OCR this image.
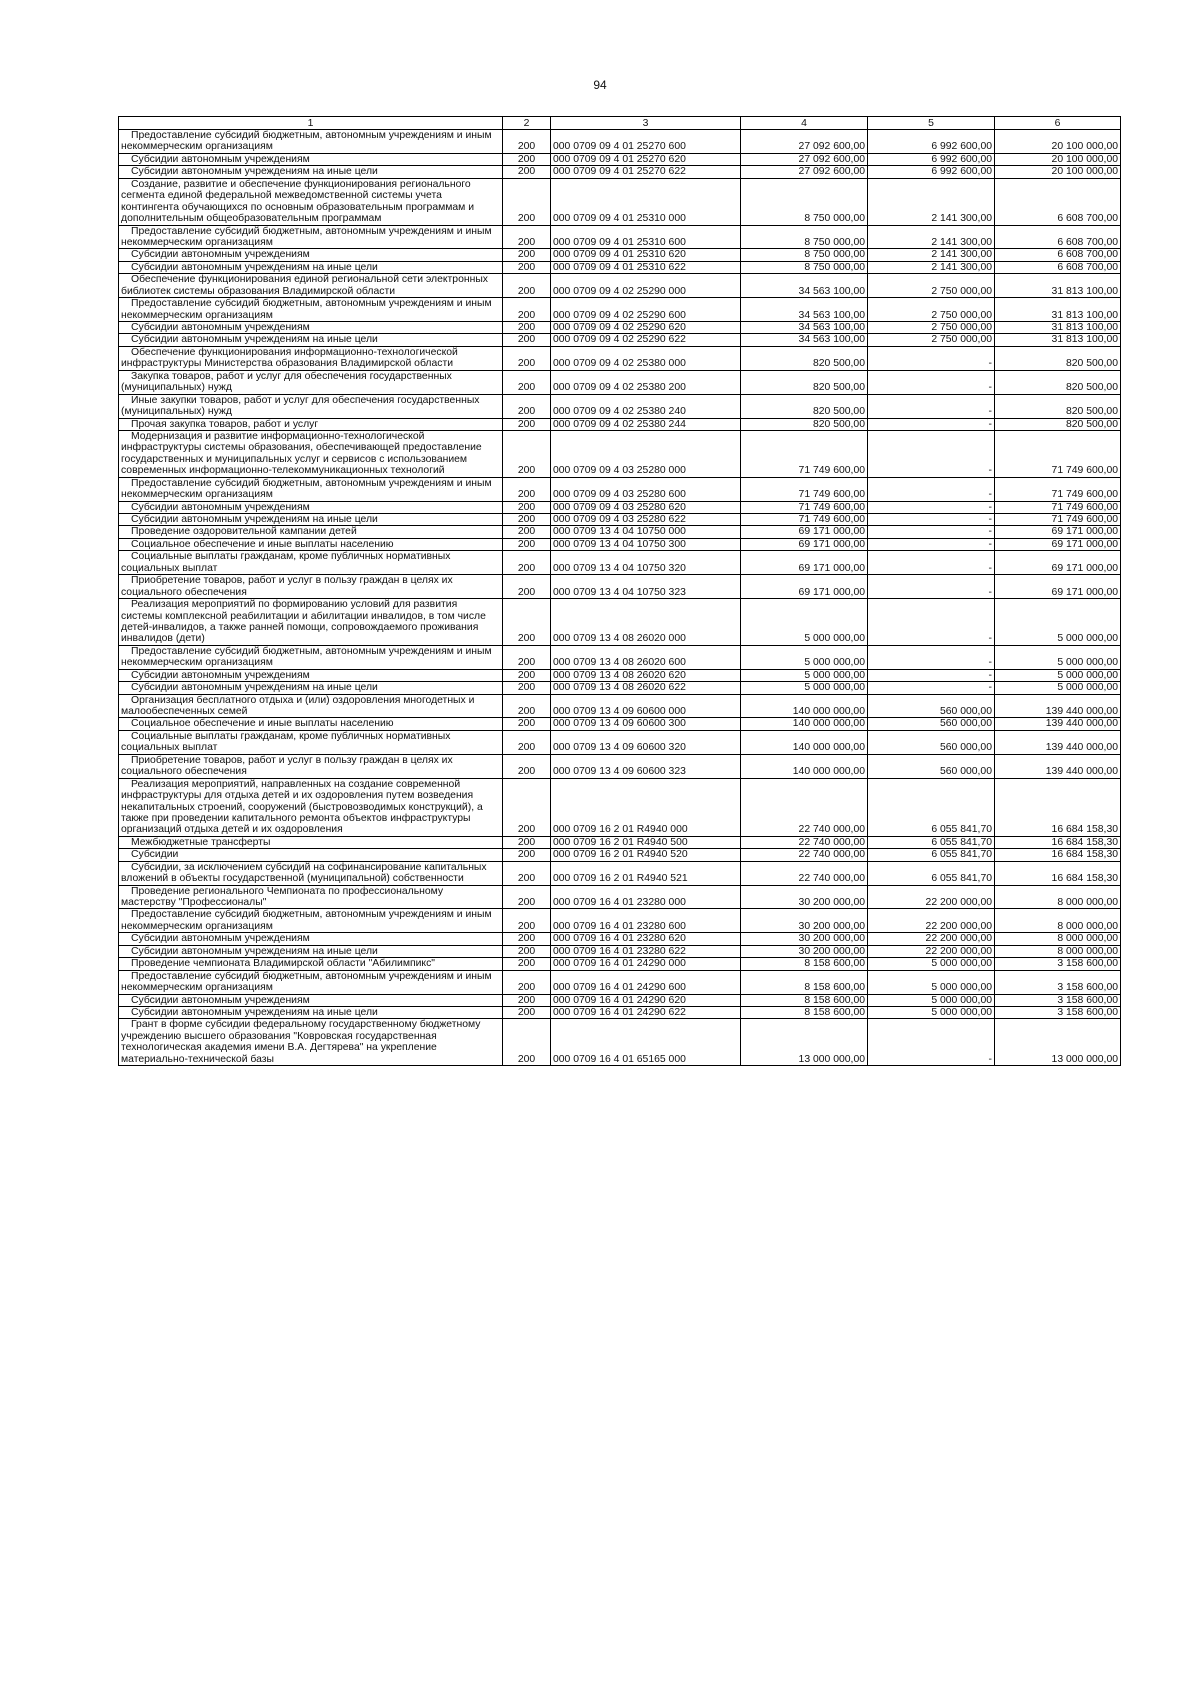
94
1	2	3	4	5	6
Предоставление субсидий бюджетным, автономным учреждениям и иным некоммерческим организациям	200	000 0709 09 4 01 25270 600	27 092 600,00	6 992 600,00	20 100 000,00
Субсидии автономным учреждениям	200	000 0709 09 4 01 25270 620	27 092 600,00	6 992 600,00	20 100 000,00
Субсидии автономным учреждениям на иные цели	200	000 0709 09 4 01 25270 622	27 092 600,00	6 992 600,00	20 100 000,00
Создание, развитие и обеспечение функционирования регионального сегмента единой федеральной межведомственной системы учета контингента обучающихся по основным образовательным программам и дополнительным общеобразовательным программам	200	000 0709 09 4 01 25310 000	8 750 000,00	2 141 300,00	6 608 700,00
Предоставление субсидий бюджетным, автономным учреждениям и иным некоммерческим организациям	200	000 0709 09 4 01 25310 600	8 750 000,00	2 141 300,00	6 608 700,00
Субсидии автономным учреждениям	200	000 0709 09 4 01 25310 620	8 750 000,00	2 141 300,00	6 608 700,00
Субсидии автономным учреждениям на иные цели	200	000 0709 09 4 01 25310 622	8 750 000,00	2 141 300,00	6 608 700,00
Обеспечение функционирования единой региональной сети электронных библиотек системы образования Владимирской области	200	000 0709 09 4 02 25290 000	34 563 100,00	2 750 000,00	31 813 100,00
Предоставление субсидий бюджетным, автономным учреждениям и иным некоммерческим организациям	200	000 0709 09 4 02 25290 600	34 563 100,00	2 750 000,00	31 813 100,00
Субсидии автономным учреждениям	200	000 0709 09 4 02 25290 620	34 563 100,00	2 750 000,00	31 813 100,00
Субсидии автономным учреждениям на иные цели	200	000 0709 09 4 02 25290 622	34 563 100,00	2 750 000,00	31 813 100,00
Обеспечение функционирования информационно-технологической инфраструктуры Министерства образования Владимирской области	200	000 0709 09 4 02 25380 000	820 500,00	-	820 500,00
Закупка товаров, работ и услуг для обеспечения государственных (муниципальных) нужд	200	000 0709 09 4 02 25380 200	820 500,00	-	820 500,00
Иные закупки товаров, работ и услуг для обеспечения государственных (муниципальных) нужд	200	000 0709 09 4 02 25380 240	820 500,00	-	820 500,00
Прочая закупка товаров, работ и услуг	200	000 0709 09 4 02 25380 244	820 500,00	-	820 500,00
Модернизация и развитие информационно-технологической инфраструктуры системы образования, обеспечивающей предоставление государственных и муниципальных услуг и сервисов с использованием современных информационно-телекоммуникационных технологий	200	000 0709 09 4 03 25280 000	71 749 600,00	-	71 749 600,00
Предоставление субсидий бюджетным, автономным учреждениям и иным некоммерческим организациям	200	000 0709 09 4 03 25280 600	71 749 600,00	-	71 749 600,00
Субсидии автономным учреждениям	200	000 0709 09 4 03 25280 620	71 749 600,00	-	71 749 600,00
Субсидии автономным учреждениям на иные цели	200	000 0709 09 4 03 25280 622	71 749 600,00	-	71 749 600,00
Проведение оздоровительной кампании детей	200	000 0709 13 4 04 10750 000	69 171 000,00	-	69 171 000,00
Социальное обеспечение и иные выплаты населению	200	000 0709 13 4 04 10750 300	69 171 000,00	-	69 171 000,00
Социальные выплаты гражданам, кроме публичных нормативных социальных выплат	200	000 0709 13 4 04 10750 320	69 171 000,00	-	69 171 000,00
Приобретение товаров, работ и услуг в пользу граждан в целях их социального обеспечения	200	000 0709 13 4 04 10750 323	69 171 000,00	-	69 171 000,00
Реализация мероприятий по формированию условий для развития системы комплексной реабилитации и абилитации инвалидов, в том числе детей-инвалидов, а также ранней помощи, сопровождаемого проживания инвалидов (дети)	200	000 0709 13 4 08 26020 000	5 000 000,00	-	5 000 000,00
Предоставление субсидий бюджетным, автономным учреждениям и иным некоммерческим организациям	200	000 0709 13 4 08 26020 600	5 000 000,00	-	5 000 000,00
Субсидии автономным учреждениям	200	000 0709 13 4 08 26020 620	5 000 000,00	-	5 000 000,00
Субсидии автономным учреждениям на иные цели	200	000 0709 13 4 08 26020 622	5 000 000,00	-	5 000 000,00
Организация бесплатного отдыха и (или) оздоровления многодетных и малообеспеченных семей	200	000 0709 13 4 09 60600 000	140 000 000,00	560 000,00	139 440 000,00
Социальное обеспечение и иные выплаты населению	200	000 0709 13 4 09 60600 300	140 000 000,00	560 000,00	139 440 000,00
Социальные выплаты гражданам, кроме публичных нормативных социальных выплат	200	000 0709 13 4 09 60600 320	140 000 000,00	560 000,00	139 440 000,00
Приобретение товаров, работ и услуг в пользу граждан в целях их социального обеспечения	200	000 0709 13 4 09 60600 323	140 000 000,00	560 000,00	139 440 000,00
Реализация мероприятий, направленных на создание современной инфраструктуры для отдыха детей и их оздоровления путем возведения некапитальных строений, сооружений (быстровозводимых конструкций), а также при проведении капитального ремонта объектов инфраструктуры организаций отдыха детей и их оздоровления	200	000 0709 16 2 01 R4940 000	22 740 000,00	6 055 841,70	16 684 158,30
Межбюджетные трансферты	200	000 0709 16 2 01 R4940 500	22 740 000,00	6 055 841,70	16 684 158,30
Субсидии	200	000 0709 16 2 01 R4940 520	22 740 000,00	6 055 841,70	16 684 158,30
Субсидии, за исключением субсидий на софинансирование капитальных вложений в объекты государственной (муниципальной) собственности	200	000 0709 16 2 01 R4940 521	22 740 000,00	6 055 841,70	16 684 158,30
Проведение регионального Чемпионата по профессиональному мастерству "Профессионалы"	200	000 0709 16 4 01 23280 000	30 200 000,00	22 200 000,00	8 000 000,00
Предоставление субсидий бюджетным, автономным учреждениям и иным некоммерческим организациям	200	000 0709 16 4 01 23280 600	30 200 000,00	22 200 000,00	8 000 000,00
Субсидии автономным учреждениям	200	000 0709 16 4 01 23280 620	30 200 000,00	22 200 000,00	8 000 000,00
Субсидии автономным учреждениям на иные цели	200	000 0709 16 4 01 23280 622	30 200 000,00	22 200 000,00	8 000 000,00
Проведение чемпионата Владимирской области "Абилимпикс"	200	000 0709 16 4 01 24290 000	8 158 600,00	5 000 000,00	3 158 600,00
Предоставление субсидий бюджетным, автономным учреждениям и иным некоммерческим организациям	200	000 0709 16 4 01 24290 600	8 158 600,00	5 000 000,00	3 158 600,00
Субсидии автономным учреждениям	200	000 0709 16 4 01 24290 620	8 158 600,00	5 000 000,00	3 158 600,00
Субсидии автономным учреждениям на иные цели	200	000 0709 16 4 01 24290 622	8 158 600,00	5 000 000,00	3 158 600,00
Грант в форме субсидии федеральному государственному бюджетному учреждению высшего образования "Ковровская государственная технологическая академия имени В.А. Дегтярева" на укрепление материально-технической базы	200	000 0709 16 4 01 65165 000	13 000 000,00	-	13 000 000,00
